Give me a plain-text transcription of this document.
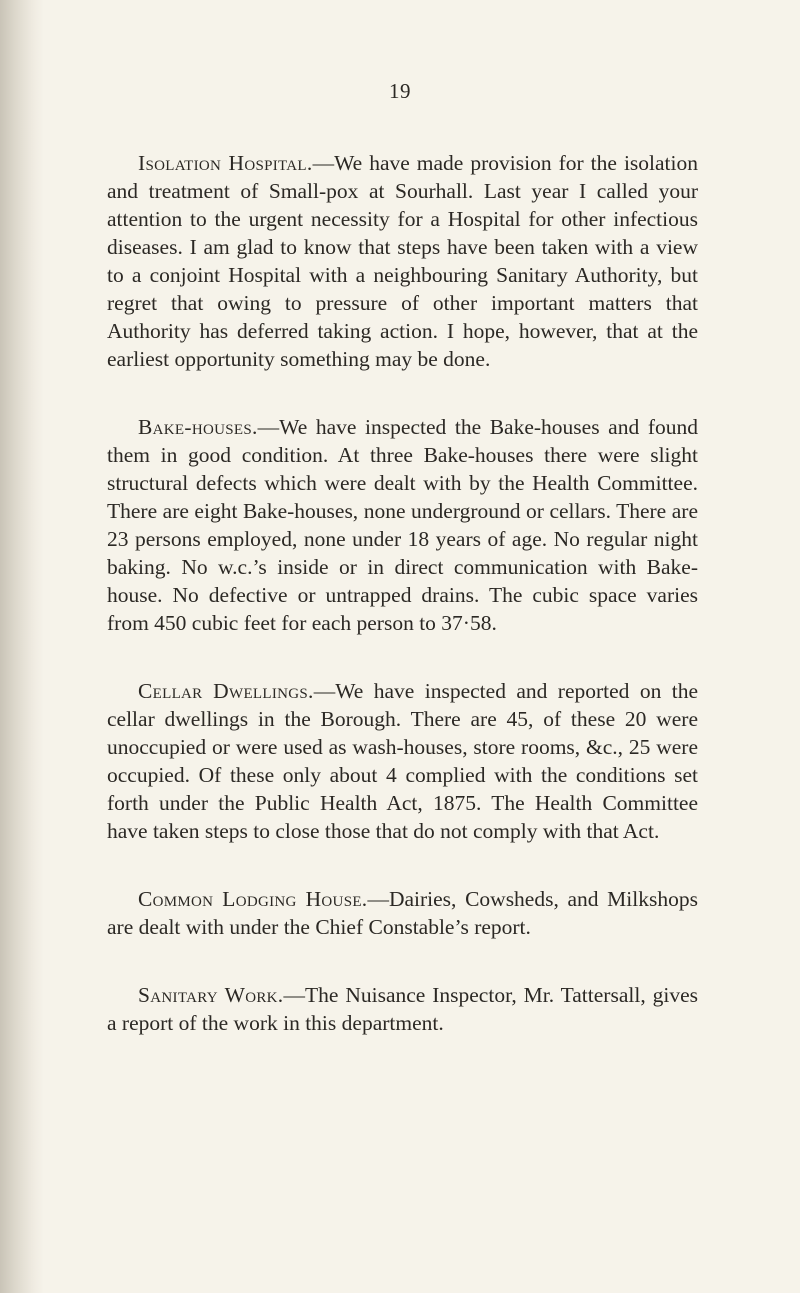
19

Isolation Hospital.—We have made provision for the isolation and treatment of Small-pox at Sourhall. Last year I called your attention to the urgent necessity for a Hospital for other infectious diseases. I am glad to know that steps have been taken with a view to a conjoint Hospital with a neighbouring Sanitary Authority, but regret that owing to pressure of other important matters that Authority has deferred taking action. I hope, however, that at the earliest opportunity something may be done.

Bake-houses.—We have inspected the Bake-houses and found them in good condition. At three Bake-houses there were slight structural defects which were dealt with by the Health Committee. There are eight Bake-houses, none underground or cellars. There are 23 persons employed, none under 18 years of age. No regular night baking. No w.c.’s inside or in direct communication with Bake-house. No defective or untrapped drains. The cubic space varies from 450 cubic feet for each person to 37·58.

Cellar Dwellings.—We have inspected and reported on the cellar dwellings in the Borough. There are 45, of these 20 were unoccupied or were used as wash-houses, store rooms, &c., 25 were occupied. Of these only about 4 complied with the conditions set forth under the Public Health Act, 1875. The Health Committee have taken steps to close those that do not comply with that Act.

Common Lodging House.—Dairies, Cowsheds, and Milkshops are dealt with under the Chief Constable’s report.

Sanitary Work.—The Nuisance Inspector, Mr. Tattersall, gives a report of the work in this department.
